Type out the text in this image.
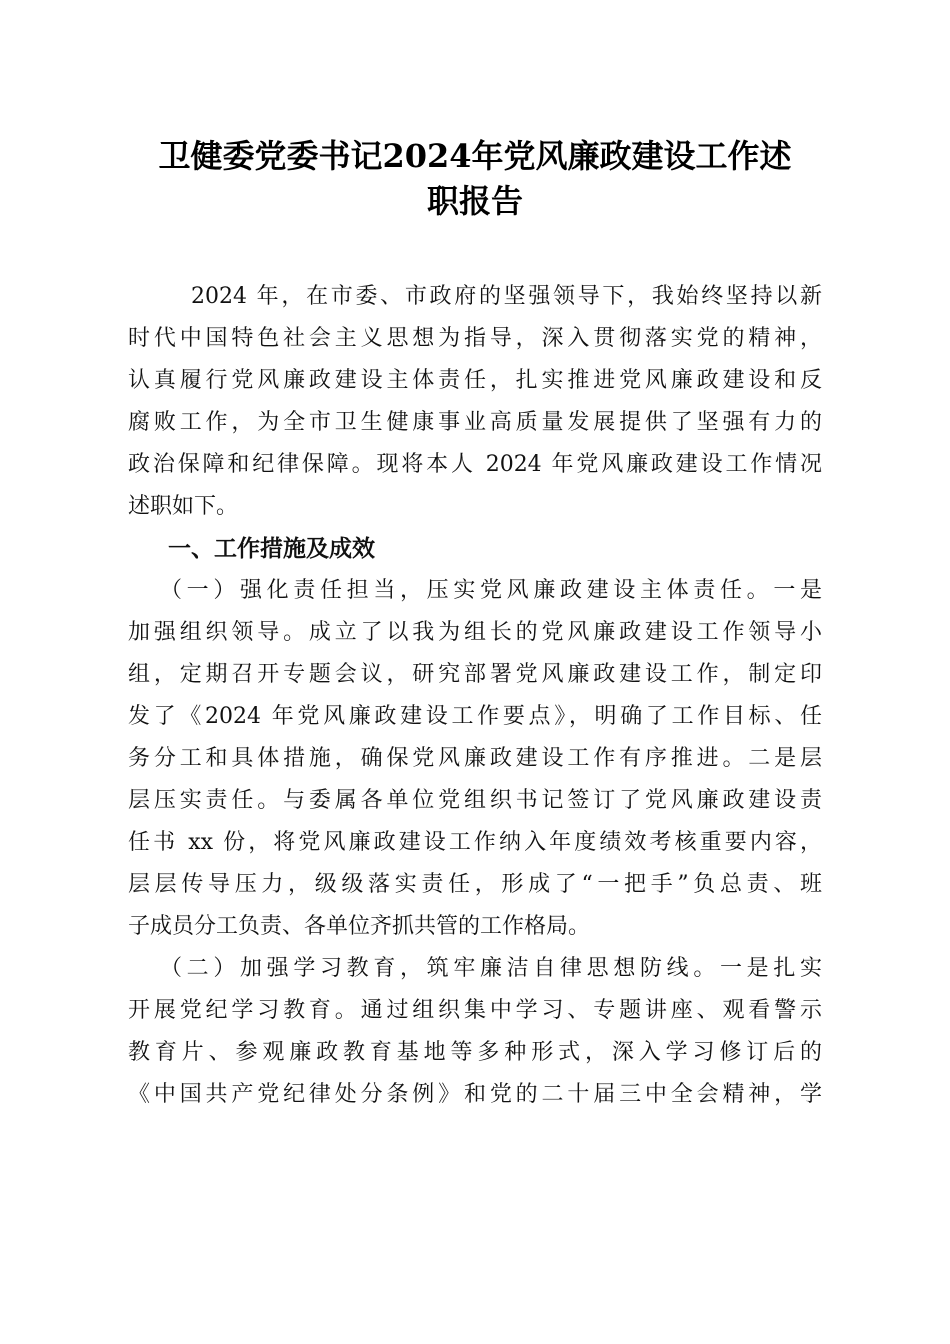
卫健委党委书记2024年党风廉政建设工作述
职报告
2024 年，在市委、市政府的坚强领导下，我始终坚持以新
时代中国特色社会主义思想为指导，深入贯彻落实党的精神，
认真履行党风廉政建设主体责任，扎实推进党风廉政建设和反
腐败工作，为全市卫生健康事业高质量发展提供了坚强有力的
政治保障和纪律保障。现将本人 2024 年党风廉政建设工作情况
述职如下。
一、工作措施及成效
（一）强化责任担当，压实党风廉政建设主体责任。一是
加强组织领导。成立了以我为组长的党风廉政建设工作领导小
组，定期召开专题会议，研究部署党风廉政建设工作，制定印
发了《2024 年党风廉政建设工作要点》，明确了工作目标、任
务分工和具体措施，确保党风廉政建设工作有序推进。二是层
层压实责任。与委属各单位党组织书记签订了党风廉政建设责
任书 xx 份，将党风廉政建设工作纳入年度绩效考核重要内容，
层层传导压力，级级落实责任，形成了“一把手”负总责、班
子成员分工负责、各单位齐抓共管的工作格局。
（二）加强学习教育，筑牢廉洁自律思想防线。一是扎实
开展党纪学习教育。通过组织集中学习、专题讲座、观看警示
教育片、参观廉政教育基地等多种形式，深入学习修订后的
《中国共产党纪律处分条例》和党的二十届三中全会精神，学
